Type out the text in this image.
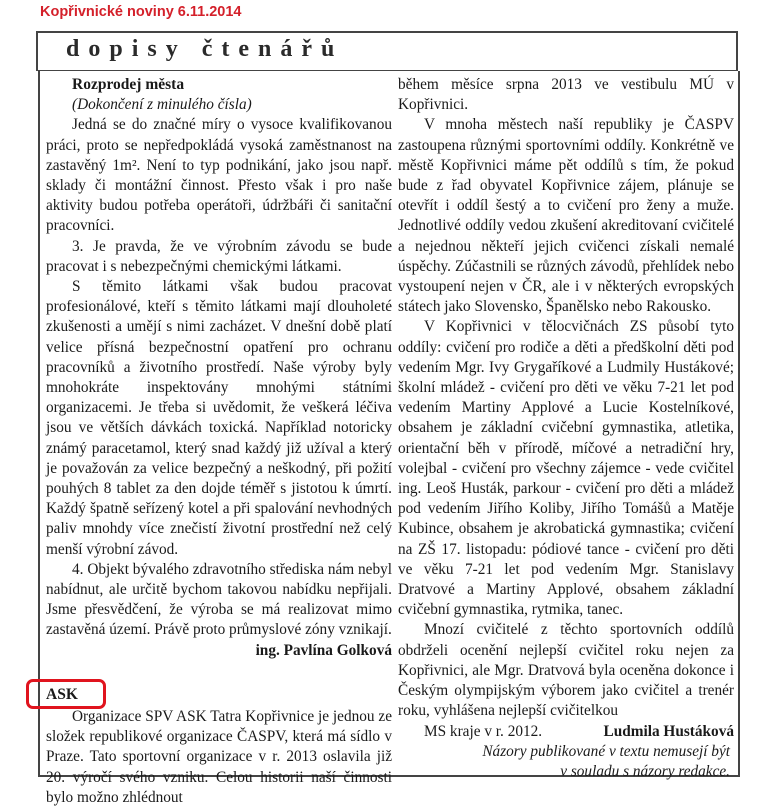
Kopřivnické noviny 6.11.2014
dopisy čtenářů

Rozprodej města

(Dokončení z minulého čísla)

Jedná se do značné míry o vysoce kvalifikovanou práci, proto se nepředpokládá vysoká zaměstnanost na zastavěný 1m². Není to typ podnikání, jako jsou např. sklady či montážní činnost. Přesto však i pro naše aktivity budou potřeba operátoři, údržbáři či sanitační pracovníci.

3. Je pravda, že ve výrobním závodu se bude pracovat i s nebezpečnými chemickými látkami.

S těmito látkami však budou pracovat profesionálové, kteří s těmito látkami mají dlouholeté zkušenosti a umějí s nimi zacházet. V dnešní době platí velice přísná bezpečnostní opatření pro ochranu pracovníků a životního prostředí. Naše výroby byly mnohokráte inspektovány mnohými státními organizacemi. Je třeba si uvědomit, že veškerá léčiva jsou ve větších dávkách toxická. Například notoricky známý paracetamol, který snad každý již užíval a který je považován za velice bezpečný a neškodný, při požití pouhých 8 tablet za den dojde téměř s jistotou k úmrtí. Každý špatně seřízený kotel a při spalování nevhodných paliv mnohdy více znečistí životní prostřední než celý menší výrobní závod.

4. Objekt bývalého zdravotního střediska nám nebyl nabídnut, ale určitě bychom takovou nabídku nepřijali. Jsme přesvědčení, že výroba se má realizovat mimo zastavěná území. Právě proto průmyslové zóny vznikají.

ing. Pavlína Golková

ASK

Organizace SPV ASK Tatra Kopřivnice je jednou ze složek republikové organizace ČASPV, která má sídlo v Praze. Tato sportovní organizace v r. 2013 oslavila již 20. výročí svého vzniku. Celou historii naší činnosti bylo možno zhlédnout

během měsíce srpna 2013 ve vestibulu MÚ v Kopřivnici.

V mnoha městech naší republiky je ČASPV zastoupena různými sportovními oddíly. Konkrétně ve městě Kopřivnici máme pět oddílů s tím, že pokud bude z řad obyvatel Kopřivnice zájem, plánuje se otevřít i oddíl šestý a to cvičení pro ženy a muže. Jednotlivé oddíly vedou zkušení akreditovaní cvičitelé a nejednou někteří jejich cvičenci získali nemalé úspěchy. Zúčastnili se různých závodů, přehlídek nebo vystoupení nejen v ČR, ale i v některých evropských státech jako Slovensko, Španělsko nebo Rakousko.

V Kopřivnici v tělocvičnách ZS působí tyto oddíly: cvičení pro rodiče a děti a předškolní děti pod vedením Mgr. Ivy Grygaříkové a Ludmily Hustákové; školní mládež - cvičení pro děti ve věku 7-21 let pod vedením Martiny Applové a Lucie Kostelníkové, obsahem je základní cvičební gymnastika, atletika, orientační běh v přírodě, míčové a netradiční hry, volejbal - cvičení pro všechny zájemce - vede cvičitel ing. Leoš Husták, parkour - cvičení pro děti a mládež pod vedením Jiřího Koliby, Jiřího Tomášů a Matěje Kubince, obsahem je akrobatická gymnastika; cvičení na ZŠ 17. listopadu: pódiové tance - cvičení pro děti ve věku 7-21 let pod vedením Mgr. Stanislavy Dratvové a Martiny Applové, obsahem základní cvičební gymnastika, rytmika, tanec.

Mnozí cvičitelé z těchto sportovních oddílů obdrželi ocenění nejlepší cvičitel roku nejen za Kopřivnici, ale Mgr. Dratvová byla oceněna dokonce i Českým olympijským výborem jako cvičitel a trenér roku, vyhlášena nejlepší cvičitelkou

MS kraje v r. 2012.	Ludmila Hustáková

Názory publikované v textu nemusejí být

v souladu s názory redakce.
